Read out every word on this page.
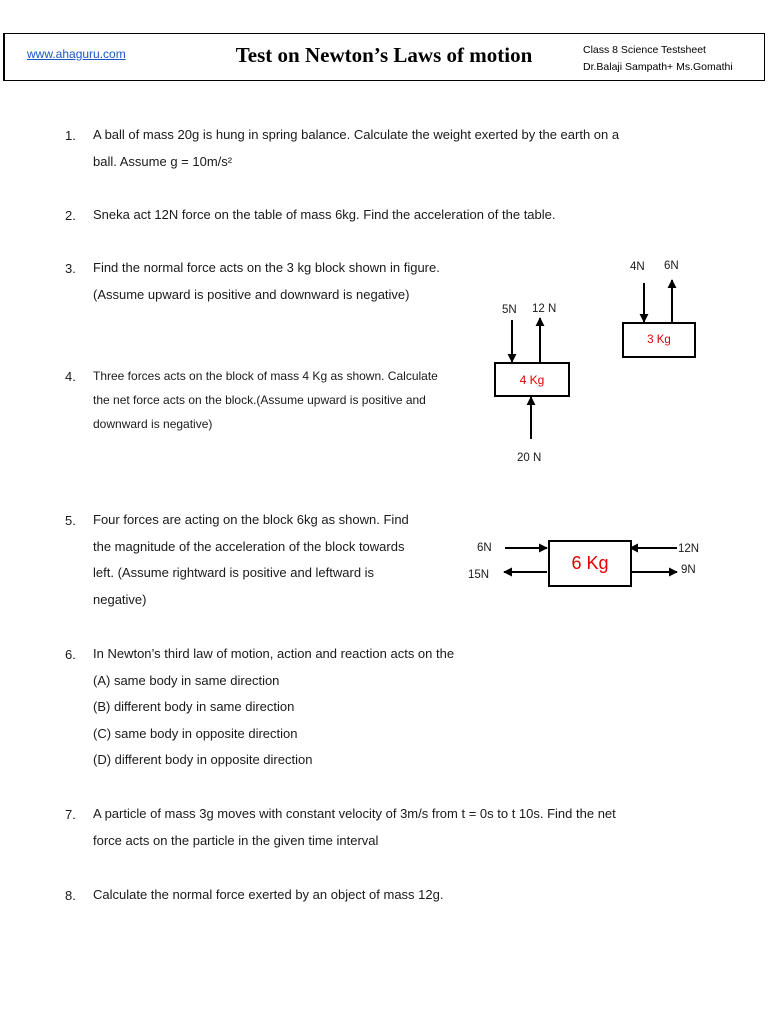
www.ahaguru.com	Test on Newton’s Laws of motion	Class 8 Science Testsheet
Dr.Balaji Sampath+ Ms.Gomathi
1. A ball of mass 20g is hung in spring balance. Calculate the weight exerted by the earth on a
ball. Assume g = 10m/s²
2. Sneka act 12N force on the table of mass 6kg. Find the acceleration of the table.
3. Find the normal force acts on the 3 kg block shown in figure.
(Assume upward is positive and downward is negative)
4. Three forces acts on the block of mass 4 Kg as shown. Calculate
the net force acts on the block.(Assume upward is positive and
downward is negative)
5. Four forces are acting on the block 6kg as shown. Find
the magnitude of the acceleration of the block towards
left. (Assume rightward is positive and leftward is
negative)
6. In Newton’s third law of motion, action and reaction acts on the
(A) same body in same direction
(B) different body in same direction
(C) same body in opposite direction
(D) different body in opposite direction
7. A particle of mass 3g moves with constant velocity of 3m/s from t = 0s to t 10s. Find the net
force acts on the particle in the given time interval
8. Calculate the normal force exerted by an object of mass 12g.
4N 6N
3 Kg
5N 12 N
4 Kg
20 N
6N
15N
6 Kg
12N
9N
